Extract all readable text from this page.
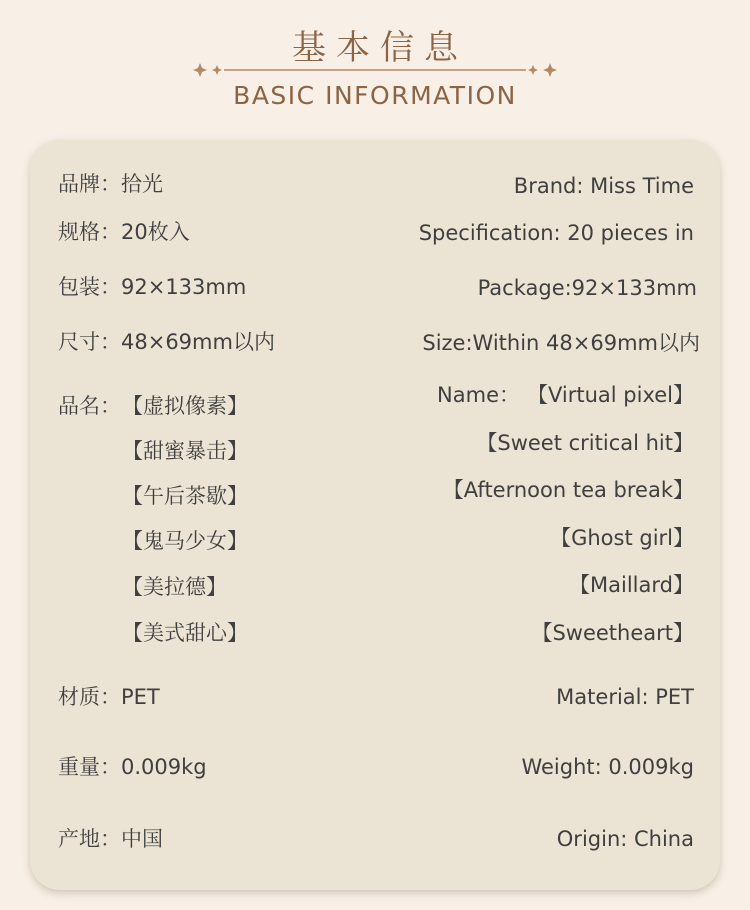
基本信息
BASIC INFORMATION
品牌：拾光	Brand: Miss Time
规格：20枚入	Specification: 20 pieces in
包装：92×133mm	Package:92×133mm
尺寸：48×69mm以内	Size:Within 48×69mm以内
品名： 【虚拟像素】	Name： 【Virtual pixel】
【甜蜜暴击】	【Sweet critical hit】
【午后茶歇】	【Afternoon tea break】
【鬼马少女】	【Ghost girl】
【美拉德】	【Maillard】
【美式甜心】	【Sweetheart】
材质：PET	Material: PET
重量：0.009kg	Weight: 0.009kg
产地：中国	Origin: China
